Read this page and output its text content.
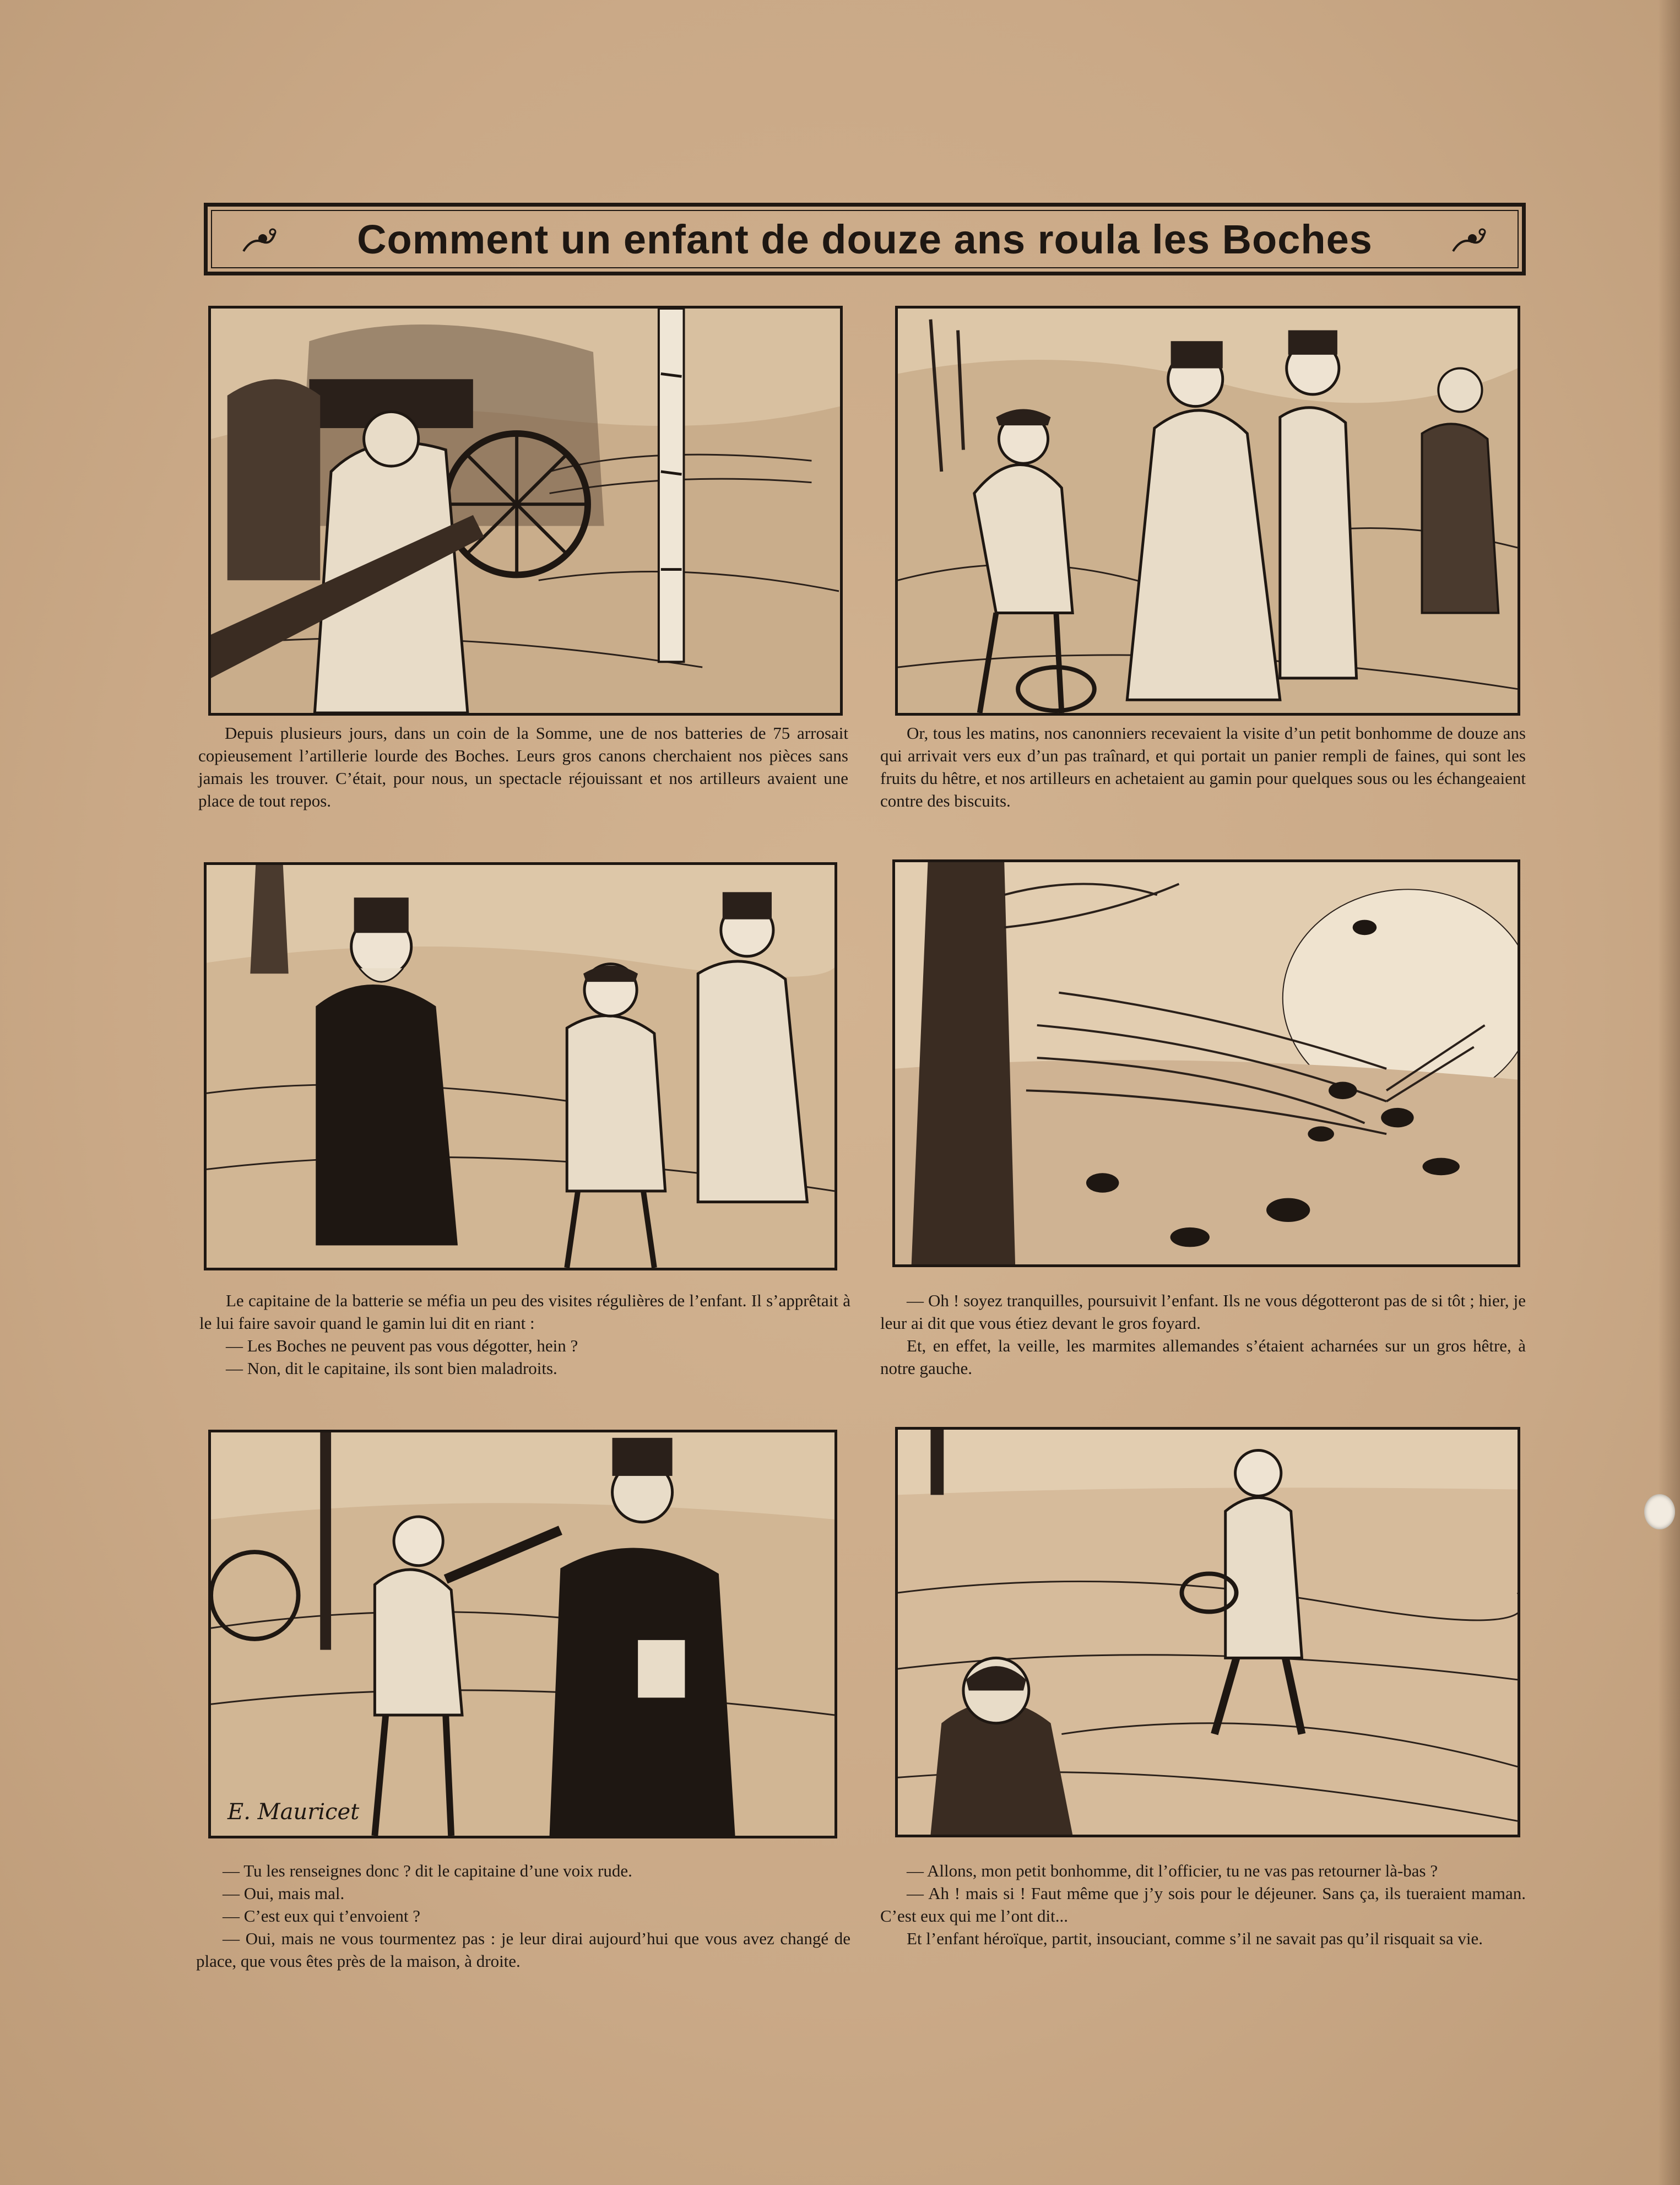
Comment un enfant de douze ans roula les Boches

Depuis plusieurs jours, dans un coin de la Somme, une de nos batteries de 75 arrosait copieusement l’artillerie lourde des Boches. Leurs gros canons cherchaient nos pièces sans jamais les trouver. C’était, pour nous, un spectacle réjouissant et nos artilleurs avaient une place de tout repos.

Or, tous les matins, nos canonniers recevaient la visite d’un petit bonhomme de douze ans qui arrivait vers eux d’un pas traînard, et qui portait un panier rempli de faines, qui sont les fruits du hêtre, et nos artilleurs en achetaient au gamin pour quelques sous ou les échangeaient contre des biscuits.

Le capitaine de la batterie se méfia un peu des visites régulières de l’enfant. Il s’apprêtait à le lui faire savoir quand le gamin lui dit en riant :

— Les Boches ne peuvent pas vous dégotter, hein ?

— Non, dit le capitaine, ils sont bien maladroits.

— Oh ! soyez tranquilles, poursuivit l’enfant. Ils ne vous dégotteront pas de si tôt ; hier, je leur ai dit que vous étiez devant le gros foyard.

Et, en effet, la veille, les marmites allemandes s’étaient acharnées sur un gros hêtre, à notre gauche.

E. Mauricet

— Tu les renseignes donc ? dit le capitaine d’une voix rude.

— Oui, mais mal.

— C’est eux qui t’envoient ?

— Oui, mais ne vous tourmentez pas : je leur dirai aujourd’hui que vous avez changé de place, que vous êtes près de la maison, à droite.

— Allons, mon petit bonhomme, dit l’officier, tu ne vas pas retourner là-bas ?

— Ah ! mais si ! Faut même que j’y sois pour le déjeuner. Sans ça, ils tueraient maman. C’est eux qui me l’ont dit...

Et l’enfant héroïque, partit, insouciant, comme s’il ne savait pas qu’il risquait sa vie.
